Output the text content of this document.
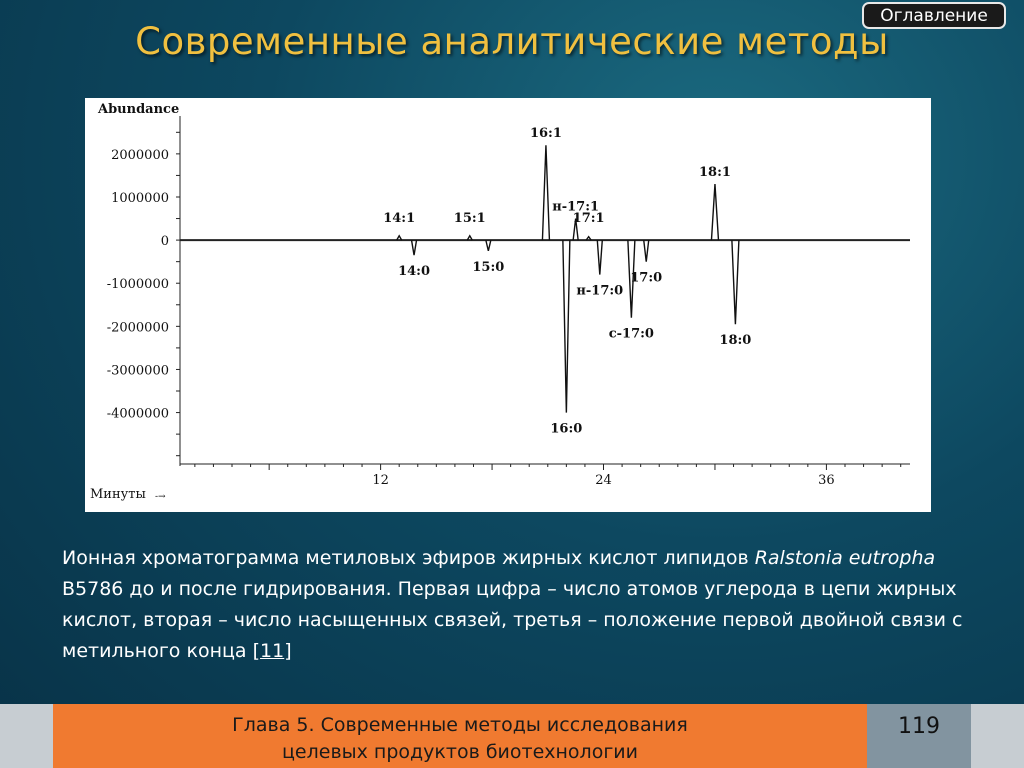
Оглавление
Современные аналитические методы
Abundance
2000000
1000000
0
-1000000
-2000000
-3000000
-4000000
12	24	36
Минуты -→
14:1
14:0
15:1
15:0
16:1
16:0
н-17:1
17:1
н-17:0
с-17:0
17:0
18:1
18:0
Ионная хроматограмма метиловых эфиров жирных кислот липидов Ralstonia eutropha B5786 до и после гидрирования. Первая цифра – число атомов углерода в цепи жирных кислот, вторая – число насыщенных связей, третья – положение первой двойной связи с метильного конца [11]
Глава 5. Современные методы исследования
целевых продуктов биотехнологии
119
